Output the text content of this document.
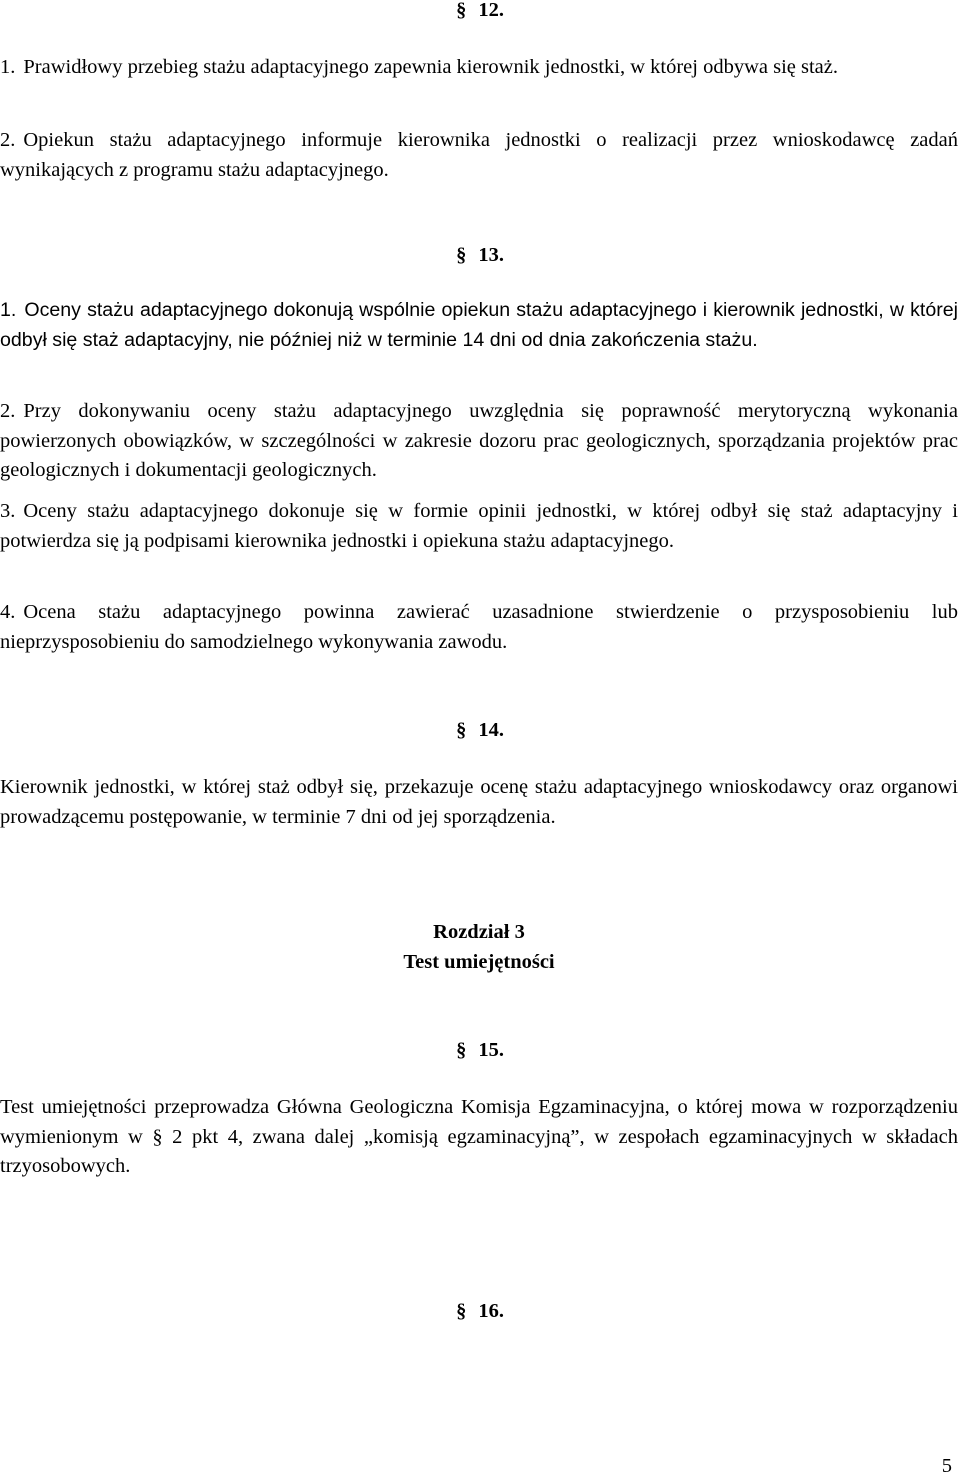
§ 12.

1. Prawidłowy przebieg stażu adaptacyjnego zapewnia kierownik jednostki, w której odbywa się staż.

2. Opiekun stażu adaptacyjnego informuje kierownika jednostki o realizacji przez wnioskodawcę zadań wynikających z programu stażu adaptacyjnego.

§ 13.

1. Oceny stażu adaptacyjnego dokonują wspólnie opiekun stażu adaptacyjnego i kierownik jednostki, w której odbył się staż adaptacyjny, nie później niż w terminie 14 dni od dnia zakończenia stażu.

2. Przy dokonywaniu oceny stażu adaptacyjnego uwzględnia się poprawność merytoryczną wykonania powierzonych obowiązków, w szczególności w zakresie dozoru prac geologicznych, sporządzania projektów prac geologicznych i dokumentacji geologicznych.

3. Oceny stażu adaptacyjnego dokonuje się w formie opinii jednostki, w której odbył się staż adaptacyjny i potwierdza się ją podpisami kierownika jednostki i opiekuna stażu adaptacyjnego.

4. Ocena stażu adaptacyjnego powinna zawierać uzasadnione stwierdzenie o przysposobieniu lub nieprzysposobieniu do samodzielnego wykonywania zawodu.

§ 14.

Kierownik jednostki, w której staż odbył się, przekazuje ocenę stażu adaptacyjnego wnioskodawcy oraz organowi prowadzącemu postępowanie, w terminie 7 dni od jej sporządzenia.

Rozdział 3
Test umiejętności
§ 15.

Test umiejętności przeprowadza Główna Geologiczna Komisja Egzaminacyjna, o której mowa w rozporządzeniu wymienionym w § 2 pkt 4, zwana dalej „komisją egzaminacyjną”, w zespołach egzaminacyjnych w składach trzyosobowych.

§ 16.
5
